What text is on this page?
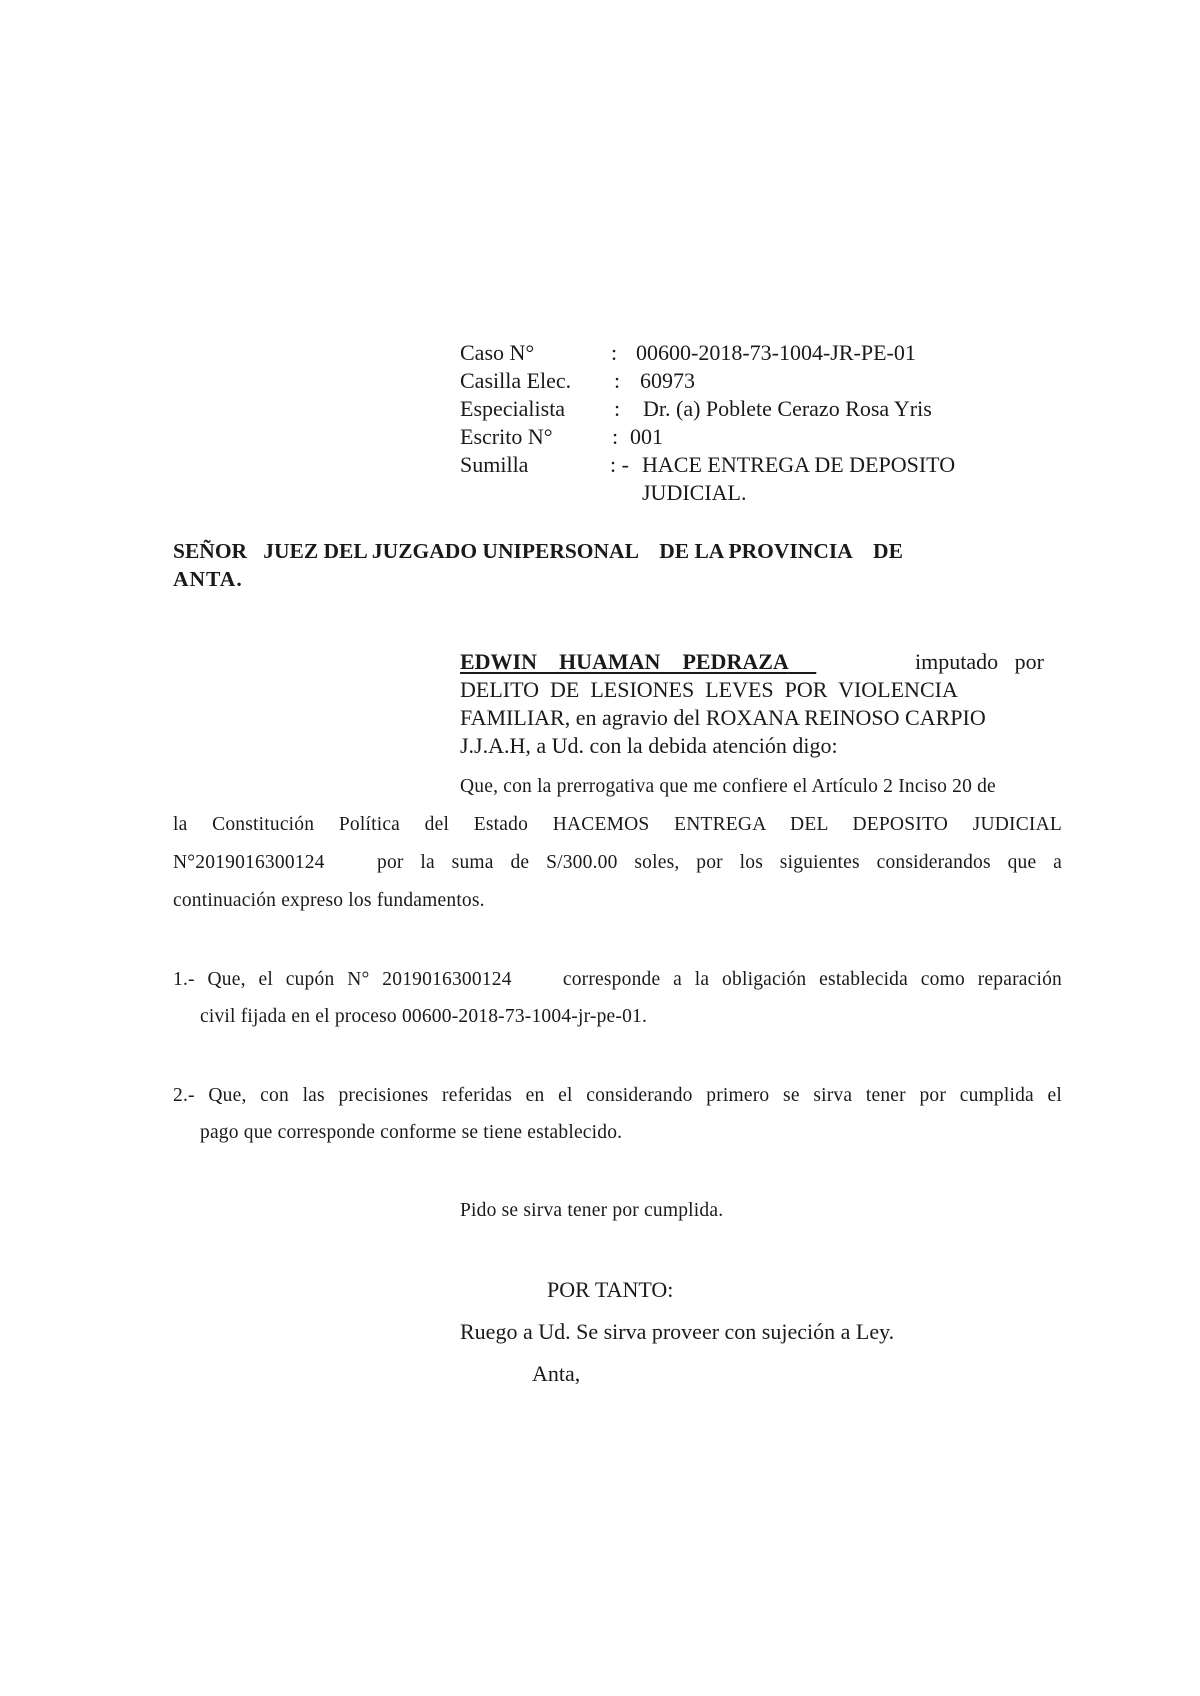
Caso N°	: 00600-2018-73-1004-JR-PE-01
Casilla Elec. : 60973
Especialista : Dr. (a) Poblete Cerazo Rosa Yris
Escrito N°	: 001
Sumilla	: - HACE ENTREGA DE DEPOSITO
JUDICIAL.
SEÑOR   JUEZ DEL JUZGADO UNIPERSONAL    DE LA PROVINCIA    DE
ANTA.
EDWIN    HUAMAN    PEDRAZA	imputado   por
DELITO  DE  LESIONES  LEVES  POR  VIOLENCIA
FAMILIAR, en agravio del ROXANA REINOSO CARPIO
J.J.A.H, a Ud. con la debida atención digo:
Que, con la prerrogativa que me confiere el Artículo 2 Inciso 20 de
la Constitución Política del Estado HACEMOS ENTREGA DEL DEPOSITO JUDICIAL
N°2019016300124	por la suma de S/300.00 soles, por los siguientes considerandos que a
continuación expreso los fundamentos.
1.- Que, el cupón N° 2019016300124    corresponde a la obligación establecida como reparación
civil fijada en el proceso 00600-2018-73-1004-jr-pe-01.
2.- Que, con las precisiones referidas en el considerando primero se sirva tener por cumplida el
pago que corresponde conforme se tiene establecido.
Pido se sirva tener por cumplida.
POR TANTO:
Ruego a Ud. Se sirva proveer con sujeción a Ley.
Anta,
